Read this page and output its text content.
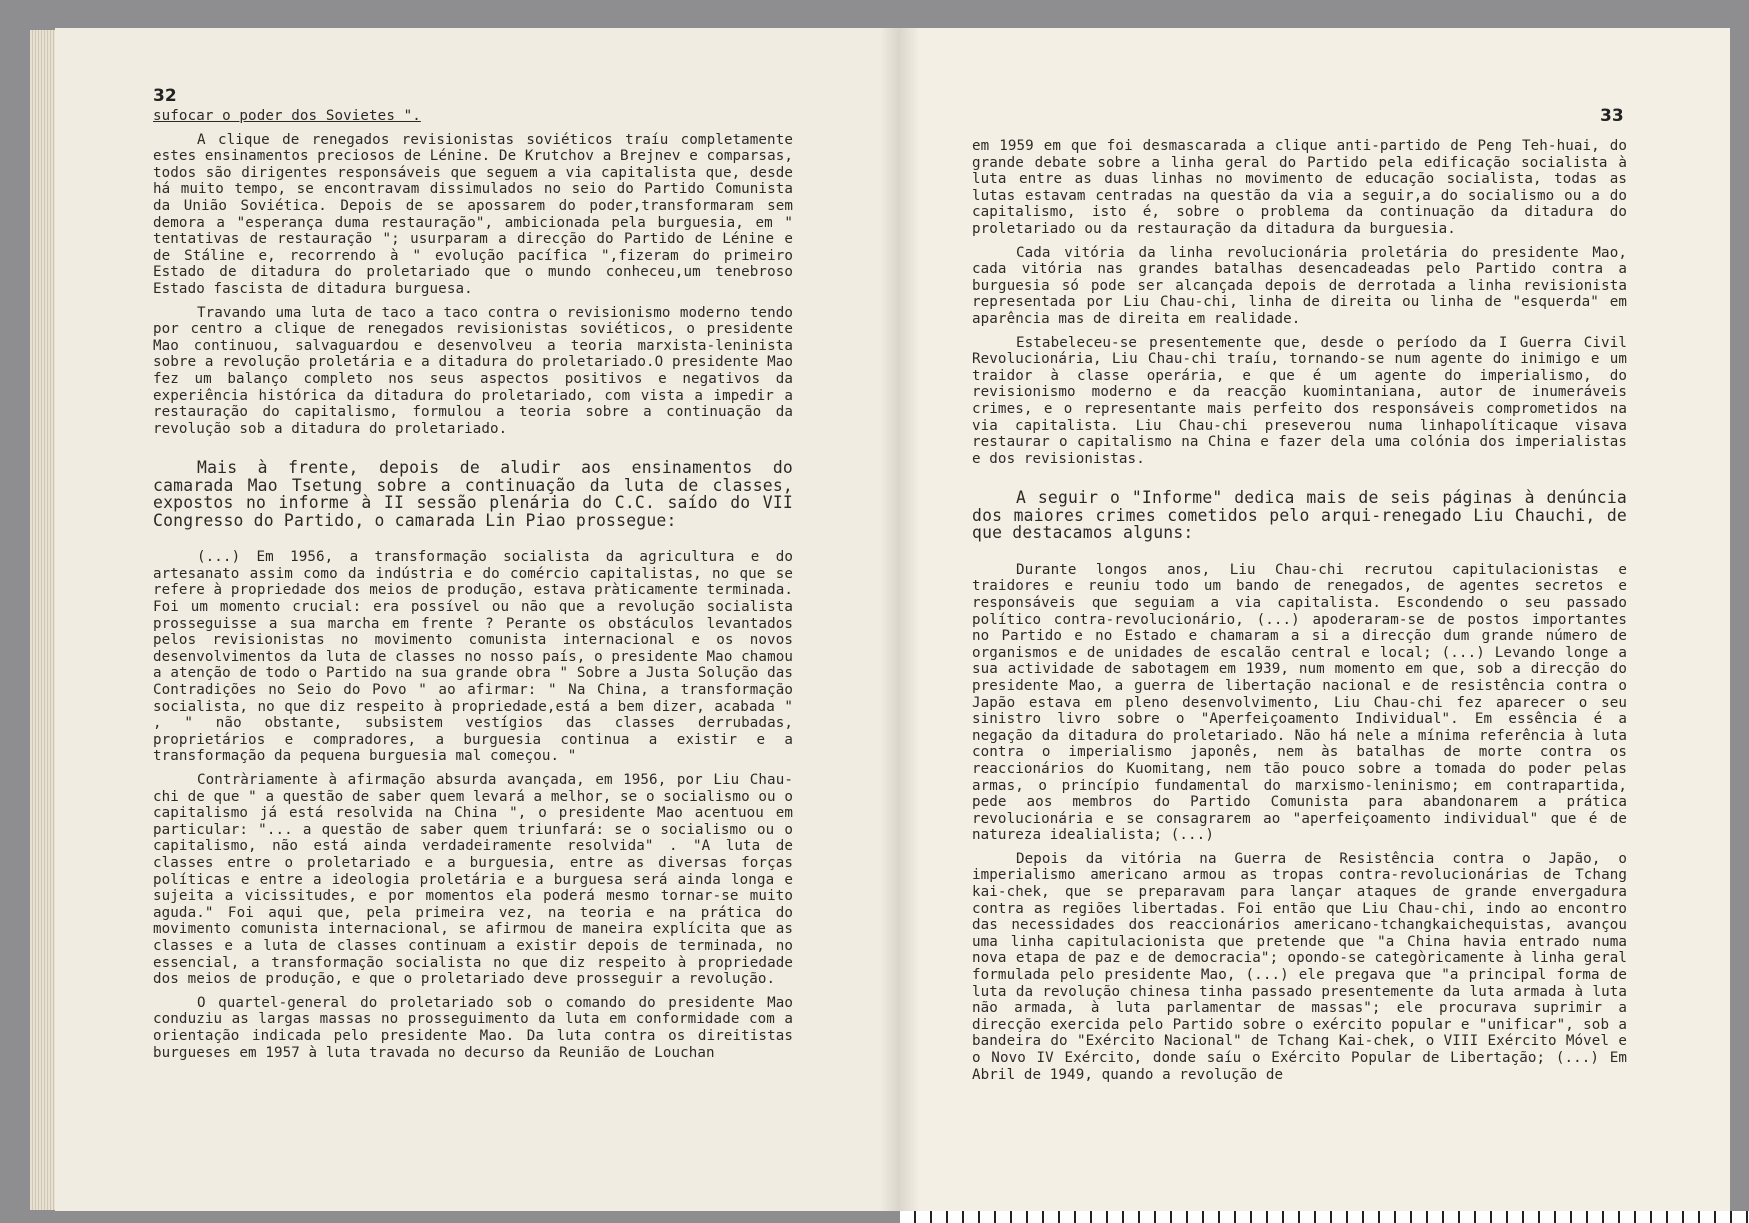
32

sufocar o poder dos Sovietes ".

A clique de renegados revisionistas soviéticos traíu completamente estes ensinamentos preciosos de Lénine. De Krutchov a Brejnev e comparsas, todos são dirigentes responsáveis que seguem a via capitalista que, desde há muito tempo, se encontravam dissimulados no seio do Partido Comunista da União Soviética. Depois de se apossarem do poder,transformaram sem demora a "esperança duma restauração", ambicionada pela burguesia, em " tentativas de restauração "; usurparam a direcção do Partido de Lénine e de Stáline e, recorrendo à " evolução pacífica ",fizeram do primeiro Estado de ditadura do proletariado que o mundo conheceu,um tenebroso Estado fascista de ditadura burguesa.

Travando uma luta de taco a taco contra o revisionismo moderno tendo por centro a clique de renegados revisionistas soviéticos, o presidente Mao continuou, salvaguardou e desenvolveu a teoria marxista-leninista sobre a revolução proletária e a ditadura do proletariado.O presidente Mao fez um balanço completo nos seus aspectos positivos e negativos da experiência histórica da ditadura do proletariado, com vista a impedir a restauração do capitalismo, formulou a teoria sobre a continuação da revolução sob a ditadura do proletariado.

Mais à frente, depois de aludir aos ensinamentos do camarada Mao Tsetung sobre a continuação da luta de classes, expostos no informe à II sessão plenária do C.C. saído do VII Congresso do Partido, o camarada Lin Piao prossegue:

(...) Em 1956, a transformação socialista da agricultura e do artesanato assim como da indústria e do comércio capitalistas, no que se refere à propriedade dos meios de produção, estava pràticamente terminada. Foi um momento crucial: era possível ou não que a revolução socialista prosseguisse a sua marcha em frente ? Perante os obstáculos levantados pelos revisionistas no movimento comunista internacional e os novos desenvolvimentos da luta de classes no nosso país, o presidente Mao chamou a atenção de todo o Partido na sua grande obra " Sobre a Justa Solução das Contradições no Seio do Povo " ao afirmar: " Na China, a transformação socialista, no que diz respeito à propriedade,está a bem dizer, acabada " , " não obstante, subsistem vestígios das classes derrubadas, proprietários e compradores, a burguesia continua a existir e a transformação da pequena burguesia mal começou. "

Contràriamente à afirmação absurda avançada, em 1956, por Liu Chau-chi de que " a questão de saber quem levará a melhor, se o socialismo ou o capitalismo já está resolvida na China ", o presidente Mao acentuou em particular: "... a questão de saber quem triunfará: se o socialismo ou o capitalismo, não está ainda verdadeiramente resolvida" . "A luta de classes entre o proletariado e a burguesia, entre as diversas forças políticas e entre a ideologia proletária e a burguesa será ainda longa e sujeita a vicissitudes, e por momentos ela poderá mesmo tornar-se muito aguda." Foi aqui que, pela primeira vez, na teoria e na prática do movimento comunista internacional, se afirmou de maneira explícita que as classes e a luta de classes continuam a existir depois de terminada, no essencial, a transformação socialista no que diz respeito à propriedade dos meios de produção, e que o proletariado deve prosseguir a revolução.

O quartel-general do proletariado sob o comando do presidente Mao conduziu as largas massas no prosseguimento da luta em conformidade com a orientação indicada pelo presidente Mao. Da luta contra os direitistas burgueses em 1957 à luta travada no decurso da Reunião de Louchan

33

em 1959 em que foi desmascarada a clique anti-partido de Peng Teh-huai, do grande debate sobre a linha geral do Partido pela edificação socialista à luta entre as duas linhas no movimento de educação socialista, todas as lutas estavam centradas na questão da via a seguir,a do socialismo ou a do capitalismo, isto é, sobre o problema da continuação da ditadura do proletariado ou da restauração da ditadura da burguesia.

Cada vitória da linha revolucionária proletária do presidente Mao, cada vitória nas grandes batalhas desencadeadas pelo Partido contra a burguesia só pode ser alcançada depois de derrotada a linha revisionista representada por Liu Chau-chi, linha de direita ou linha de "esquerda" em aparência mas de direita em realidade.

Estabeleceu-se presentemente que, desde o período da I Guerra Civil Revolucionária, Liu Chau-chi traíu, tornando-se num agente do inimigo e um traidor à classe operária, e que é um agente do imperialismo, do revisionismo moderno e da reacção kuomintaniana, autor de inumeráveis crimes, e o representante mais perfeito dos responsáveis comprometidos na via capitalista. Liu Chau-chi preseverou numa linhapolíticaque visava restaurar o capitalismo na China e fazer dela uma colónia dos imperialistas e dos revisionistas.

A seguir o "Informe" dedica mais de seis páginas à denúncia dos maiores crimes cometidos pelo arqui-renegado Liu Chauchi, de que destacamos alguns:

Durante longos anos, Liu Chau-chi recrutou capitulacionistas e traidores e reuniu todo um bando de renegados, de agentes secretos e responsáveis que seguiam a via capitalista. Escondendo o seu passado político contra-revolucionário, (...) apoderaram-se de postos importantes no Partido e no Estado e chamaram a si a direcção dum grande número de organismos e de unidades de escalão central e local; (...) Levando longe a sua actividade de sabotagem em 1939, num momento em que, sob a direcção do presidente Mao, a guerra de libertação nacional e de resistência contra o Japão estava em pleno desenvolvimento, Liu Chau-chi fez aparecer o seu sinistro livro sobre o "Aperfeiçoamento Individual". Em essência é a negação da ditadura do proletariado. Não há nele a mínima referência à luta contra o imperialismo japonês, nem às batalhas de morte contra os reaccionários do Kuomitang, nem tão pouco sobre a tomada do poder pelas armas, o princípio fundamental do marxismo-leninismo; em contrapartida, pede aos membros do Partido Comunista para abandonarem a prática revolucionária e se consagrarem ao "aperfeiçoamento individual" que é de natureza idealialista; (...)

Depois da vitória na Guerra de Resistência contra o Japão, o imperialismo americano armou as tropas contra-revolucionárias de Tchang kai-chek, que se preparavam para lançar ataques de grande envergadura contra as regiões libertadas. Foi então que Liu Chau-chi, indo ao encontro das necessidades dos reaccionários americano-tchangkaichequistas, avançou uma linha capitulacionista que pretende que "a China havia entrado numa nova etapa de paz e de democracia"; opondo-se categòricamente à linha geral formulada pelo presidente Mao, (...) ele pregava que "a principal forma de luta da revolução chinesa tinha passado presentemente da luta armada à luta não armada, à luta parlamentar de massas"; ele procurava suprimir a direcção exercida pelo Partido sobre o exército popular e "unificar", sob a bandeira do "Exército Nacional" de Tchang Kai-chek, o VIII Exército Móvel e o Novo IV Exército, donde saíu o Exército Popular de Libertação; (...) Em Abril de 1949, quando a revolução de
